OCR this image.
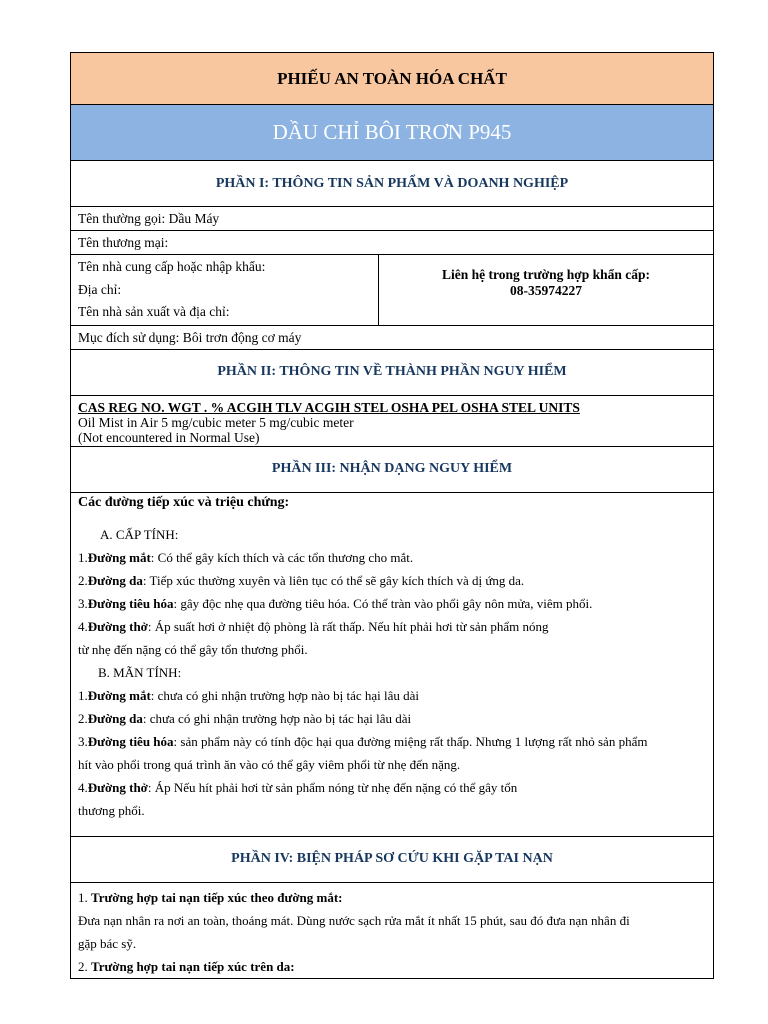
PHIẾU AN TOÀN HÓA CHẤT
DẦU CHỈ BÔI TRƠN P945
PHẦN I: THÔNG TIN SẢN PHẨM VÀ DOANH NGHIỆP
Tên thường gọi: Dầu Máy
Tên thương mại:
Tên nhà cung cấp hoặc nhập khẩu:
Địa chỉ:
Tên nhà sản xuất và địa chỉ:
Liên hệ trong trường hợp khẩn cấp:
08-35974227
Mục đích sử dụng: Bôi trơn động cơ máy
PHẦN II: THÔNG TIN VỀ THÀNH PHẦN NGUY HIỂM
CAS REG NO. WGT . % ACGIH TLV ACGIH STEL OSHA PEL OSHA STEL UNITS
Oil Mist in Air 5 mg/cubic meter 5 mg/cubic meter
(Not encountered in Normal Use)
PHẦN III: NHẬN DẠNG NGUY HIỂM
Các đường tiếp xúc và triệu chứng:
A. CẤP TÍNH:
1.Đường mắt: Có thể gây kích thích và các tổn thương cho mắt.
2.Đường da: Tiếp xúc thường xuyên và liên tục có thể sẽ gây kích thích và dị ứng da.
3.Đường tiêu hóa: gây độc nhẹ qua đường tiêu hóa. Có thể tràn vào phổi gây nôn mửa, viêm phổi.
4.Đường thở: Áp suất hơi ở nhiệt độ phòng là rất thấp. Nếu hít phải hơi từ sản phẩm nóng
từ nhẹ đến nặng có thể gây tổn thương phổi.
B. MÃN TÍNH:
1.Đường mắt: chưa có ghi nhận trường hợp nào bị tác hại lâu dài
2.Đường da: chưa có ghi nhận trường hợp nào bị tác hại lâu dài
3.Đường tiêu hóa: sản phẩm này có tính độc hại qua đường miệng rất thấp. Nhưng 1 lượng rất nhỏ sản phẩm
hít vào phổi trong quá trình ăn vào có thể gây viêm phổi từ nhẹ đến nặng.
4.Đường thở: Áp Nếu hít phải hơi từ sản phẩm nóng từ nhẹ đến nặng có thể gây tổn
thương phổi.
PHẦN IV: BIỆN PHÁP SƠ CỨU KHI GẶP TAI NẠN
1. Trường hợp tai nạn tiếp xúc theo đường mắt:
Đưa nạn nhân ra nơi an toàn, thoáng mát. Dùng nước sạch rửa mắt ít nhất 15 phút, sau đó đưa nạn nhân đi
gặp bác sỹ.
2. Trường hợp tai nạn tiếp xúc trên da:
